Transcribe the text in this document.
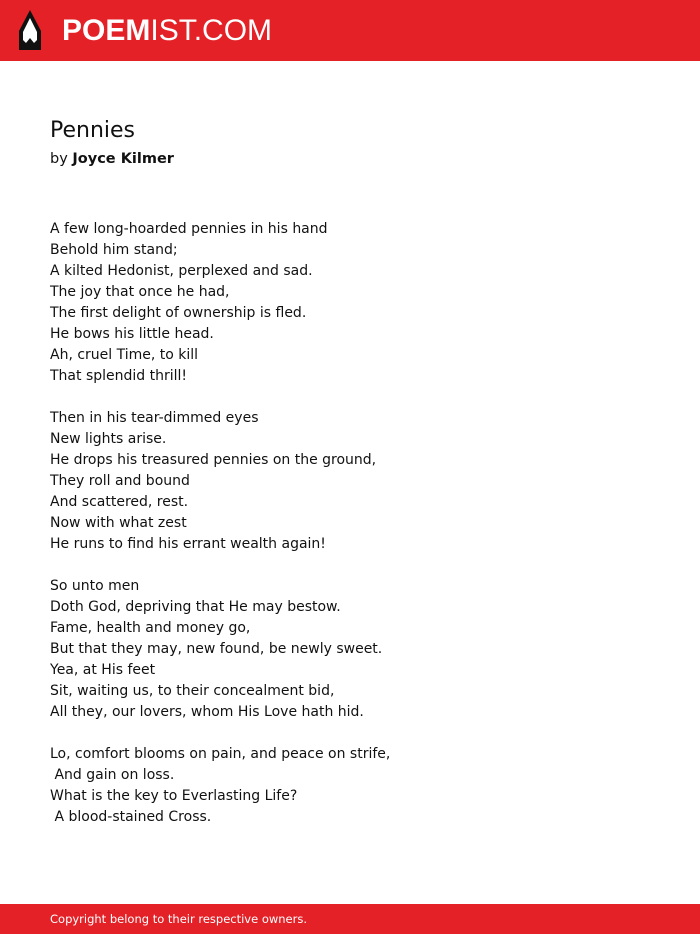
POEMIST.COM
Pennies
by Joyce Kilmer
A few long-hoarded pennies in his hand
Behold him stand;
A kilted Hedonist, perplexed and sad.
The joy that once he had,
The first delight of ownership is fled.
He bows his little head.
Ah, cruel Time, to kill
That splendid thrill!
Then in his tear-dimmed eyes
New lights arise.
He drops his treasured pennies on the ground,
They roll and bound
And scattered, rest.
Now with what zest
He runs to find his errant wealth again!
So unto men
Doth God, depriving that He may bestow.
Fame, health and money go,
But that they may, new found, be newly sweet.
Yea, at His feet
Sit, waiting us, to their concealment bid,
All they, our lovers, whom His Love hath hid.
Lo, comfort blooms on pain, and peace on strife,
And gain on loss.
What is the key to Everlasting Life?
A blood-stained Cross.
Copyright belong to their respective owners.
